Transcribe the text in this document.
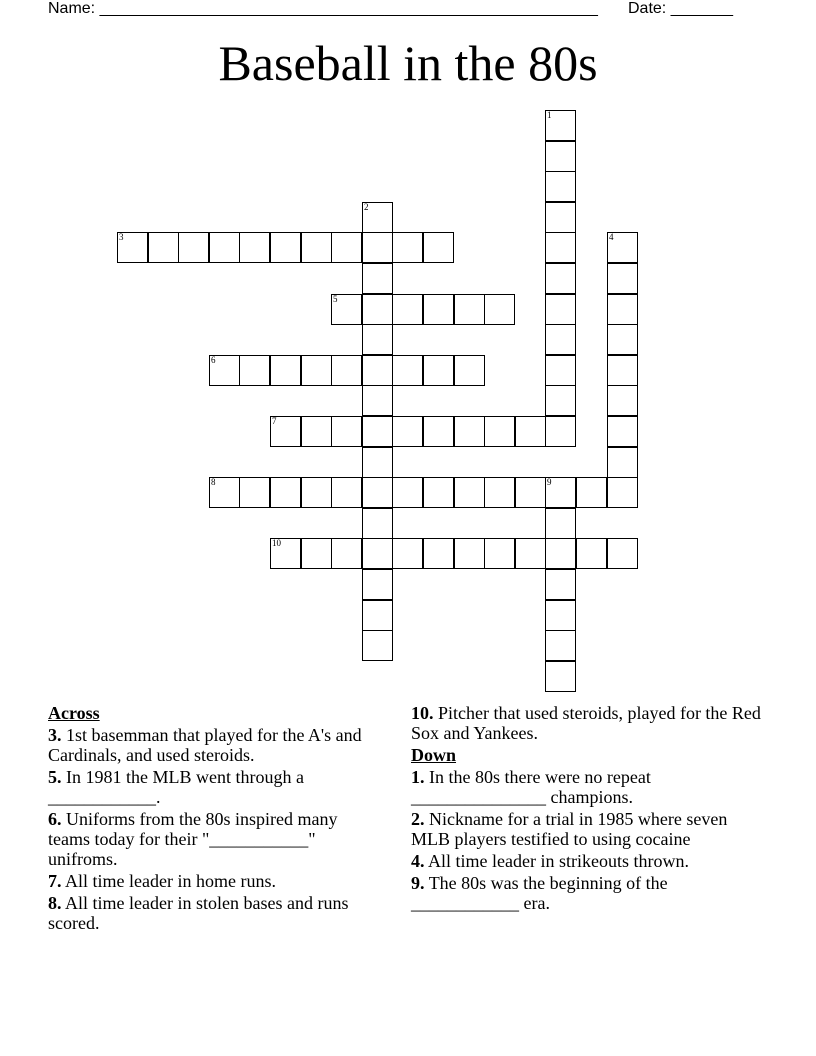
Name: ________________________________________________________ Date: _______
Baseball in the 80s
1
2
3	4
5
6
7
8	9
10
Across
3. 1st basemman that played for the A's and Cardinals, and used steroids.
5. In 1981 the MLB went through a ____________.
6. Uniforms from the 80s inspired many teams today for their "___________" unifroms.
7. All time leader in home runs.
8. All time leader in stolen bases and runs scored.
10. Pitcher that used steroids, played for the Red Sox and Yankees.
Down
1. In the 80s there were no repeat _______________ champions.
2. Nickname for a trial in 1985 where seven MLB players testified to using cocaine
4. All time leader in strikeouts thrown.
9. The 80s was the beginning of the ____________ era.
